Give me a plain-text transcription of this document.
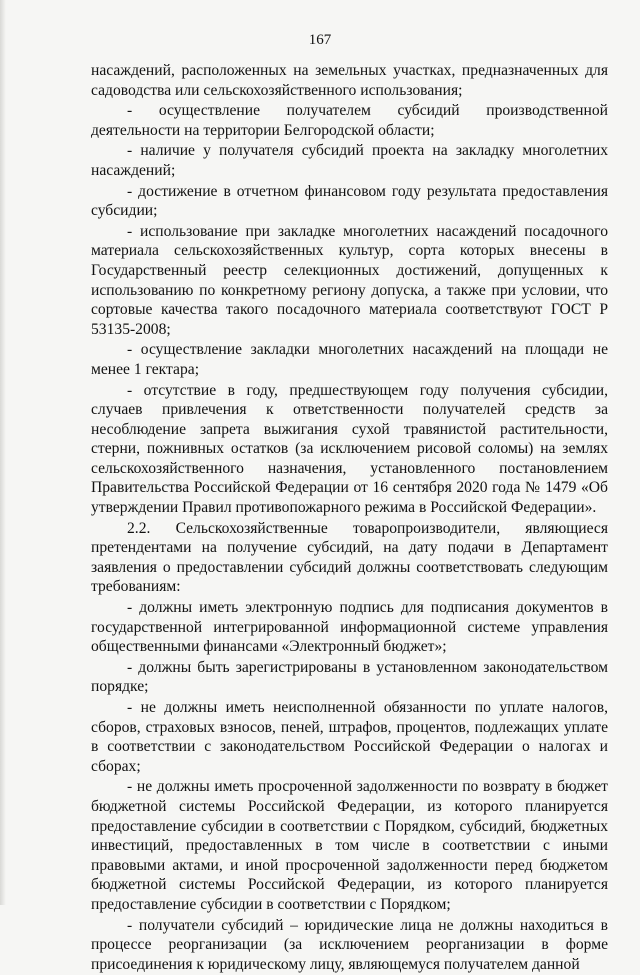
167

насаждений, расположенных на земельных участках, предназначенных для садоводства или сельскохозяйственного использования;

- осуществление получателем субсидий производственной деятельности на территории Белгородской области;

- наличие у получателя субсидий проекта на закладку многолетних насаждений;

- достижение в отчетном финансовом году результата предоставления субсидии;

- использование при закладке многолетних насаждений посадочного материала сельскохозяйственных культур, сорта которых внесены в Государственный реестр селекционных достижений, допущенных к использованию по конкретному региону допуска, а также при условии, что сортовые качества такого посадочного материала соответствуют ГОСТ Р 53135-2008;

- осуществление закладки многолетних насаждений на площади не менее 1 гектара;

- отсутствие в году, предшествующем году получения субсидии, случаев привлечения к ответственности получателей средств за несоблюдение запрета выжигания сухой травянистой растительности, стерни, пожнивных остатков (за исключением рисовой соломы) на землях сельскохозяйственного назначения, установленного постановлением Правительства Российской Федерации от 16 сентября 2020 года № 1479 «Об утверждении Правил противопожарного режима в Российской Федерации».

2.2. Сельскохозяйственные товаропроизводители, являющиеся претендентами на получение субсидий, на дату подачи в Департамент заявления о предоставлении субсидий должны соответствовать следующим требованиям:

- должны иметь электронную подпись для подписания документов в государственной интегрированной информационной системе управления общественными финансами «Электронный бюджет»;

- должны быть зарегистрированы в установленном законодательством порядке;

- не должны иметь неисполненной обязанности по уплате налогов, сборов, страховых взносов, пеней, штрафов, процентов, подлежащих уплате в соответствии с законодательством Российской Федерации о налогах и сборах;

- не должны иметь просроченной задолженности по возврату в бюджет бюджетной системы Российской Федерации, из которого планируется предоставление субсидии в соответствии с Порядком, субсидий, бюджетных инвестиций, предоставленных в том числе в соответствии с иными правовыми актами, и иной просроченной задолженности перед бюджетом бюджетной системы Российской Федерации, из которого планируется предоставление субсидии в соответствии с Порядком;

- получатели субсидий – юридические лица не должны находиться в процессе реорганизации (за исключением реорганизации в форме присоединения к юридическому лицу, являющемуся получателем данной
